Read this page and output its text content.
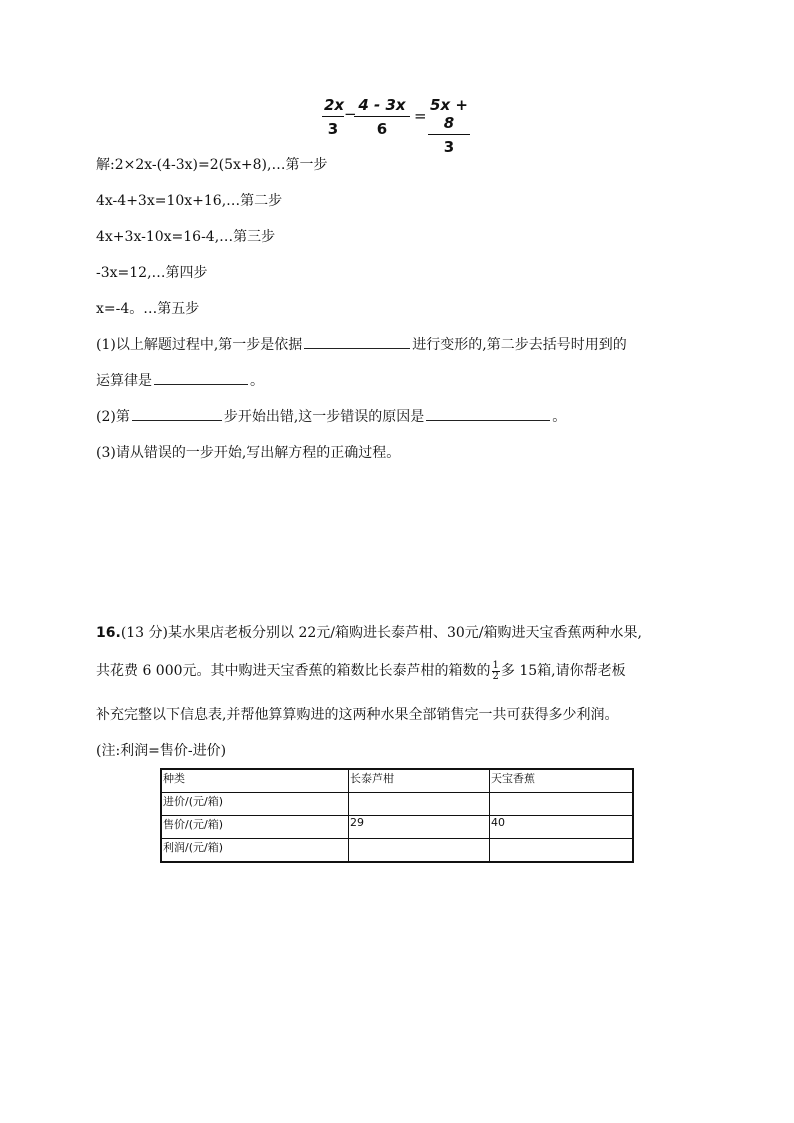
$\frac{2x}{3}$ −
$\frac{4 - 3x}{6} = \frac{5x + 8}{3}$
解:2×2x-(4-3x)=2(5x+8),…第一步
4x-4+3x=10x+16,…第二步
4x+3x-10x=16-4,…第三步
-3x=12,…第四步
x=-4。…第五步
(1)以上解题过程中,第一步是依据	进行变形的,第二步去括号时用到的
运算律是	。
(2)第	步开始出错,这一步错误的原因是	。
(3)请从错误的一步开始,写出解方程的正确过程。
16.(13 分)某水果店老板分别以 22元/箱购进长泰芦柑、30元/箱购进天宝香蕉两种水果,
共花费 6 000元。其中购进天宝香蕉的箱数比长泰芦柑的箱数的 $\frac{1}{2}$ 多 15箱,请你帮老板
补充完整以下信息表,并帮他算算购进的这两种水果全部销售完一共可获得多少利润。
(注:利润=售价-进价)
种类	长泰芦柑	天宝香蕉
进价/(元/箱)		
售价/(元/箱)	29	40
利润/(元/箱)		
